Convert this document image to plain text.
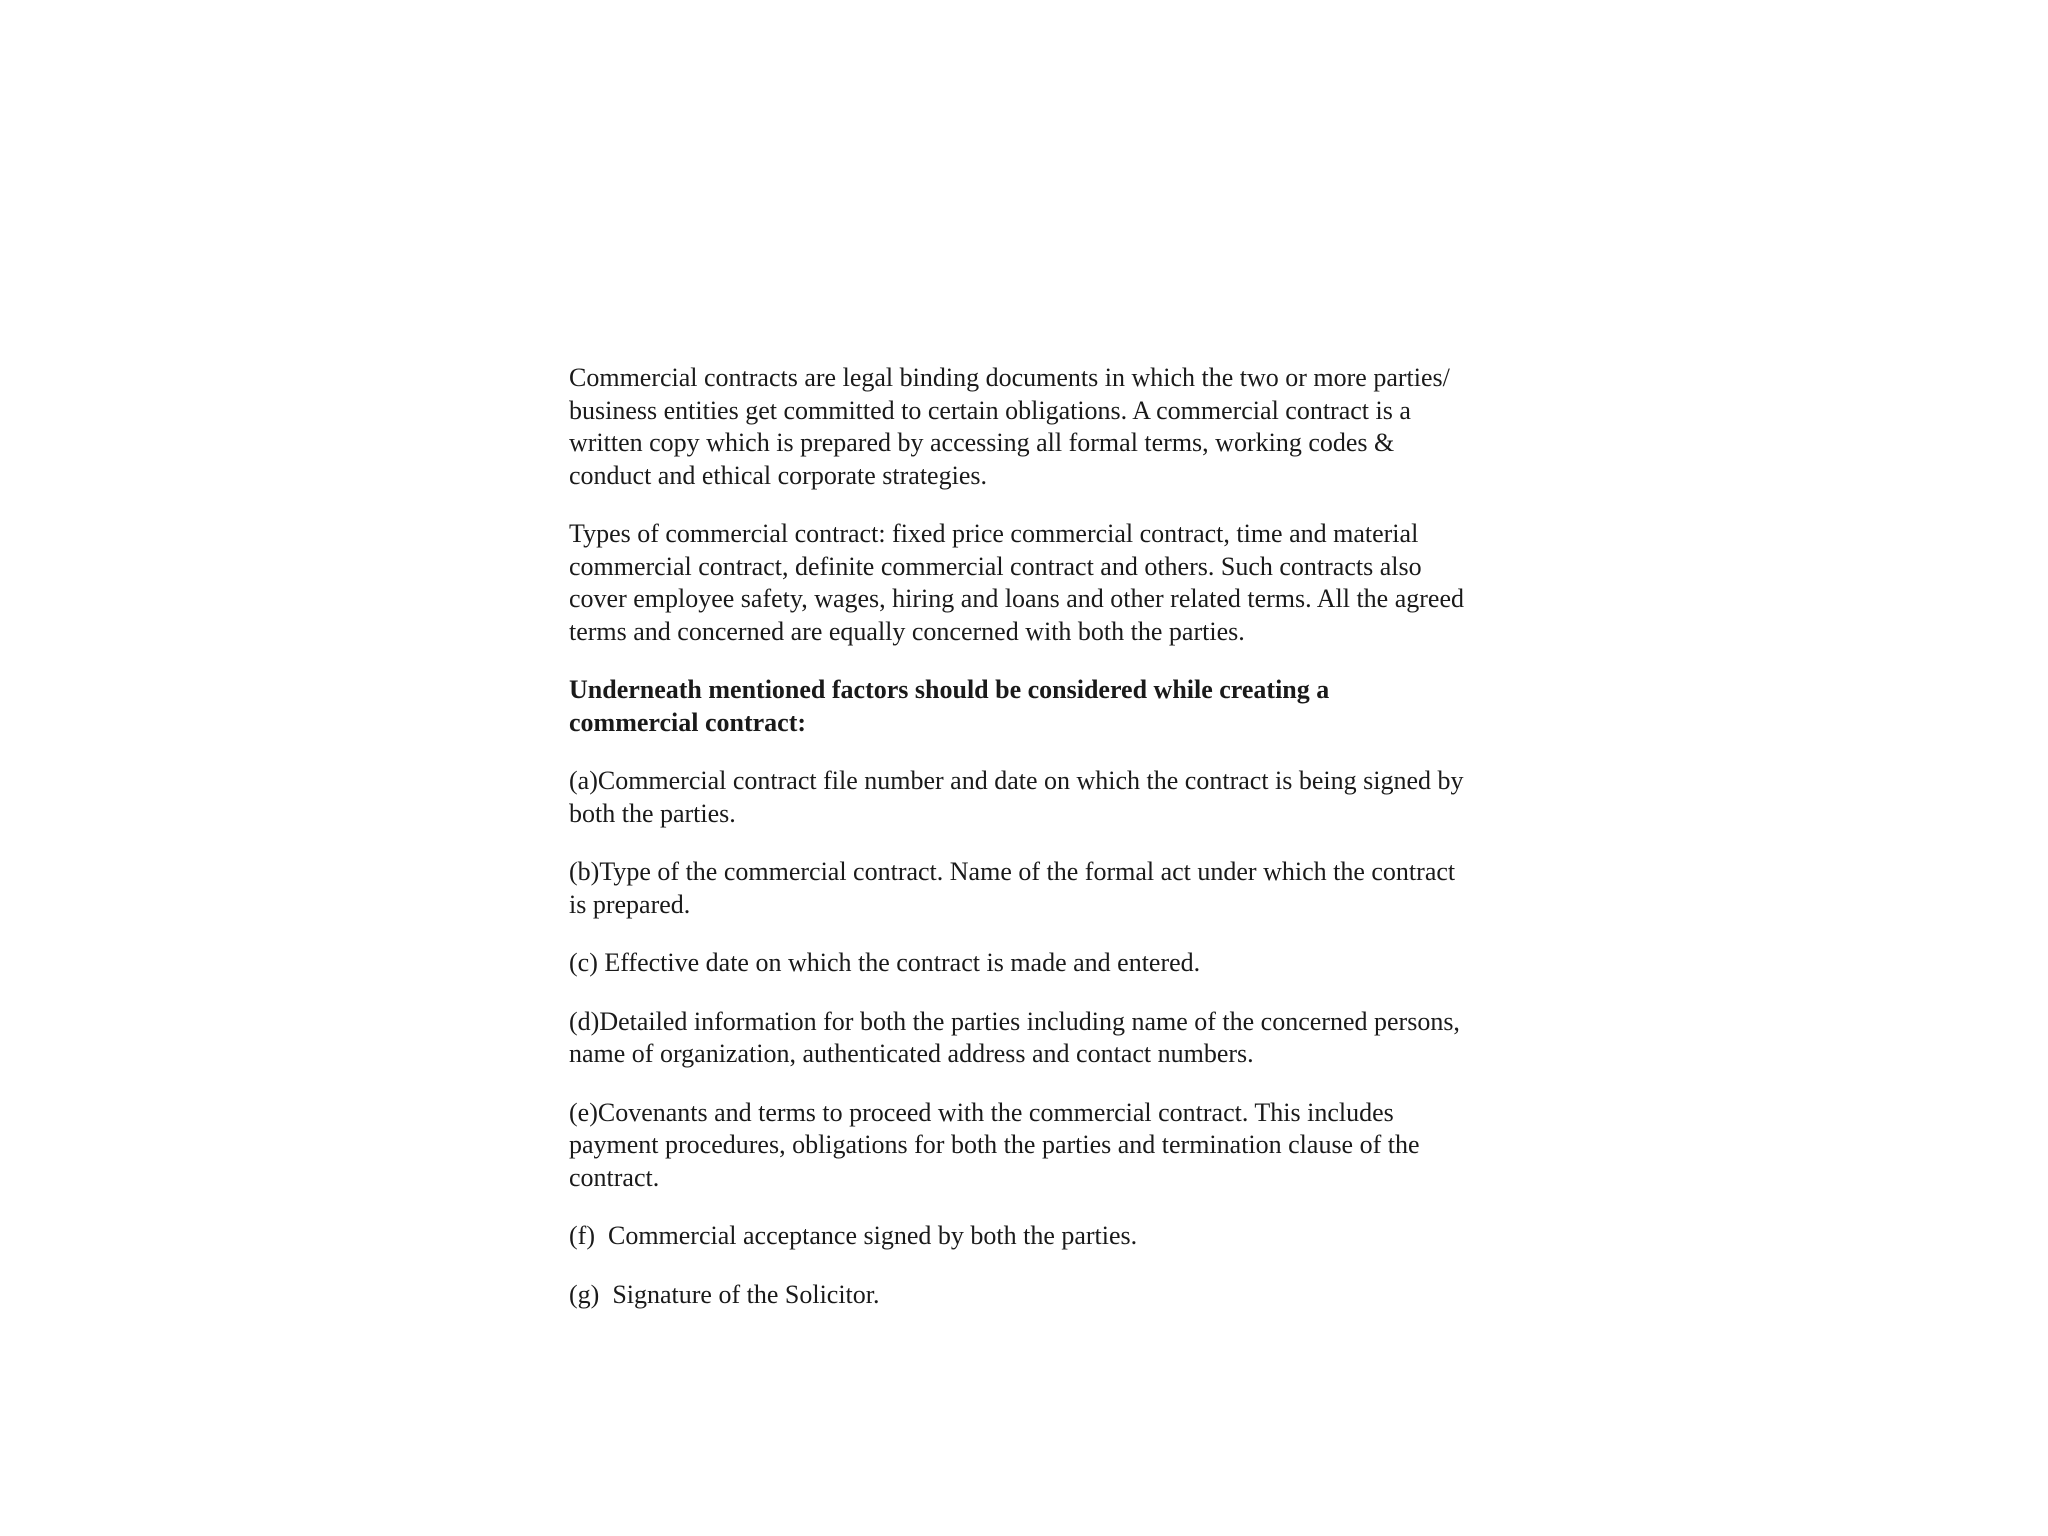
Commercial contracts are legal binding documents in which the two or more parties/ business entities get committed to certain obligations. A commercial contract is a written copy which is prepared by accessing all formal terms, working codes & conduct and ethical corporate strategies.

Types of commercial contract: fixed price commercial contract, time and material commercial contract, definite commercial contract and others. Such contracts also cover employee safety, wages, hiring and loans and other related terms. All the agreed terms and concerned are equally concerned with both the parties.

Underneath mentioned factors should be considered while creating a commercial contract:

(a)Commercial contract file number and date on which the contract is being signed by both the parties.

(b)Type of the commercial contract. Name of the formal act under which the contract is prepared.

(c) Effective date on which the contract is made and entered.

(d)Detailed information for both the parties including name of the concerned persons, name of organization, authenticated address and contact numbers.

(e)Covenants and terms to proceed with the commercial contract. This includes payment procedures, obligations for both the parties and termination clause of the contract.

(f)  Commercial acceptance signed by both the parties.

(g)  Signature of the Solicitor.
